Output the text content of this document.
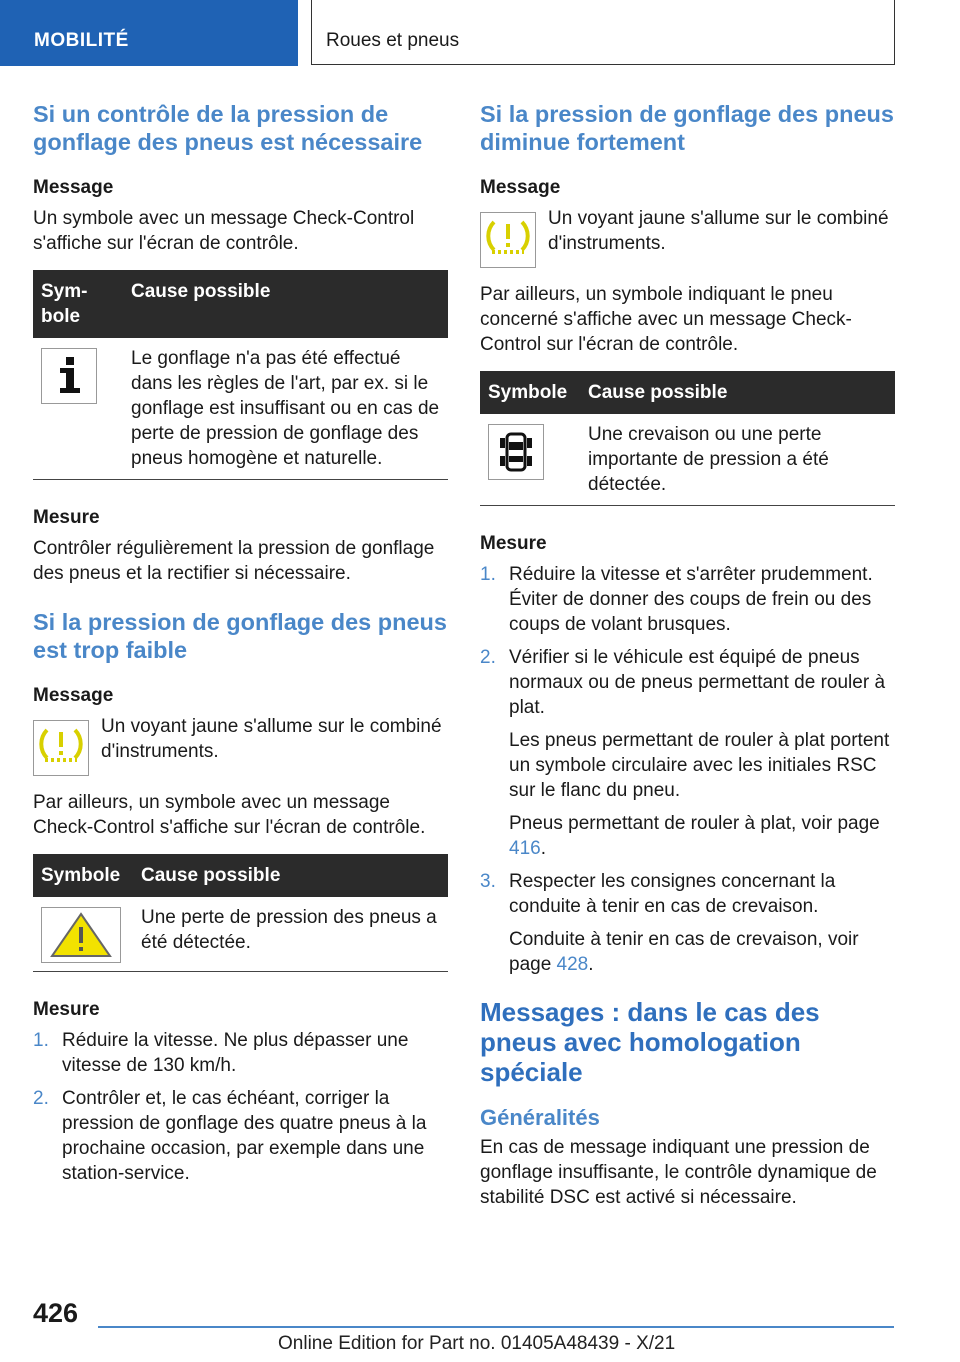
MOBILITÉ	Roues et pneus
Si un contrôle de la pression de gonflage des pneus est nécessaire
Message

Un symbole avec un message Check-Control s'affiche sur l'écran de contrôle.

Sym-bole	Cause possible

	Le gonflage n'a pas été effectué dans les règles de l'art, par ex. si le gonflage est insuffisant ou en cas de perte de pression de gonflage des pneus homogène et naturelle.
Mesure

Contrôler régulièrement la pression de gonflage des pneus et la rectifier si nécessaire.

Si la pression de gonflage des pneus est trop faible
Message

Un voyant jaune s'allume sur le combiné d'instruments.

Par ailleurs, un symbole avec un message Check-Control s'affiche sur l'écran de contrôle.

Symbole	Cause possible

	Une perte de pression des pneus a été détectée.
Mesure
1. Réduire la vitesse. Ne plus dépasser une vitesse de 130 km/h.
2. Contrôler et, le cas échéant, corriger la pression de gonflage des quatre pneus à la prochaine occasion, par exemple dans une station-service.
Si la pression de gonflage des pneus diminue fortement
Message

Un voyant jaune s'allume sur le combiné d'instruments.

Par ailleurs, un symbole indiquant le pneu concerné s'affiche avec un message Check-Control sur l'écran de contrôle.

Symbole	Cause possible

	Une crevaison ou une perte importante de pression a été détectée.
Mesure
1. Réduire la vitesse et s'arrêter prudemment. Éviter de donner des coups de frein ou des coups de volant brusques.
2. Vérifier si le véhicule est équipé de pneus normaux ou de pneus permettant de rouler à plat.
Les pneus permettant de rouler à plat portent un symbole circulaire avec les initiales RSC sur le flanc du pneu.
Pneus permettant de rouler à plat, voir page 416.
3. Respecter les consignes concernant la conduite à tenir en cas de crevaison.
Conduite à tenir en cas de crevaison, voir page 428.
Messages : dans le cas des pneus avec homologation spéciale
Généralités

En cas de message indiquant une pression de gonflage insuffisante, le contrôle dynamique de stabilité DSC est activé si nécessaire.

426
Online Edition for Part no. 01405A48439 - X/21
